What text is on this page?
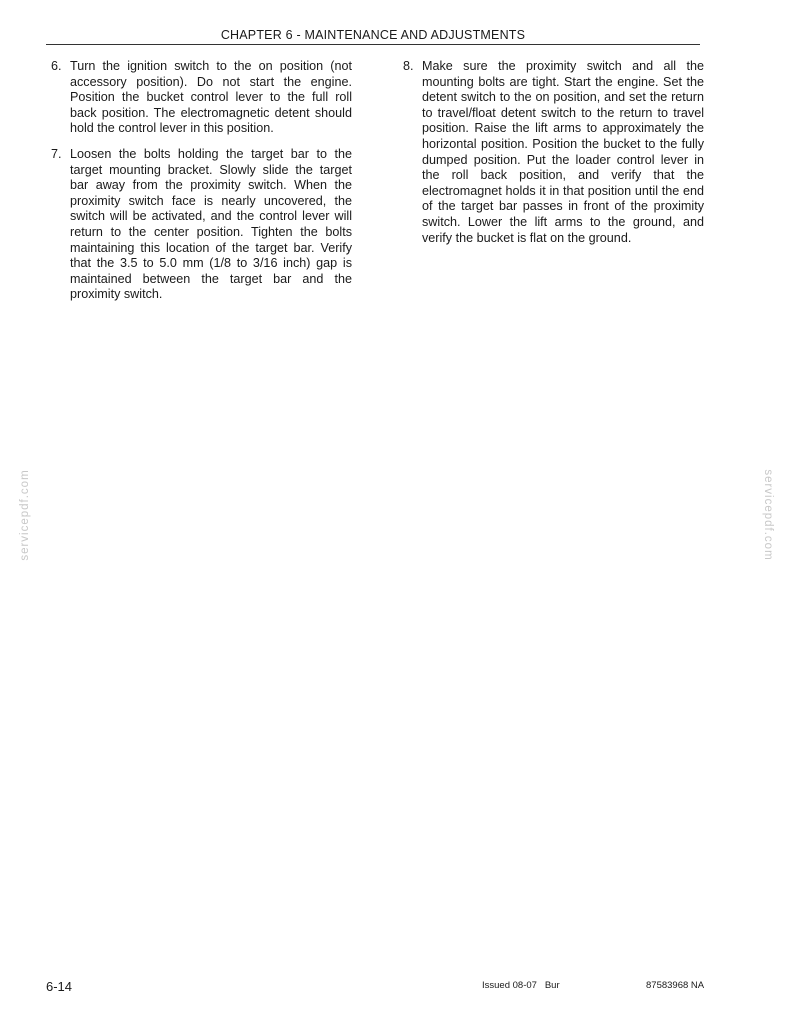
CHAPTER 6 - MAINTENANCE AND ADJUSTMENTS
6. Turn the ignition switch to the on position (not accessory position). Do not start the engine. Position the bucket control lever to the full roll back position. The electromagnetic detent should hold the control lever in this position.
7. Loosen the bolts holding the target bar to the target mounting bracket. Slowly slide the target bar away from the proximity switch. When the proximity switch face is nearly uncovered, the switch will be activated, and the control lever will return to the center position. Tighten the bolts maintaining this location of the target bar. Verify that the 3.5 to 5.0 mm (1/8 to 3/16 inch) gap is maintained between the target bar and the proximity switch.
8. Make sure the proximity switch and all the mounting bolts are tight. Start the engine. Set the detent switch to the on position, and set the return to travel/float detent switch to the return to travel position. Raise the lift arms to approximately the horizontal position. Position the bucket to the fully dumped position. Put the loader control lever in the roll back position, and verify that the electromagnet holds it in that position until the end of the target bar passes in front of the proximity switch. Lower the lift arms to the ground, and verify the bucket is flat on the ground.
servicepdf.com	servicepdf.com
6-14	Issued 08-07   Bur	87583968 NA
